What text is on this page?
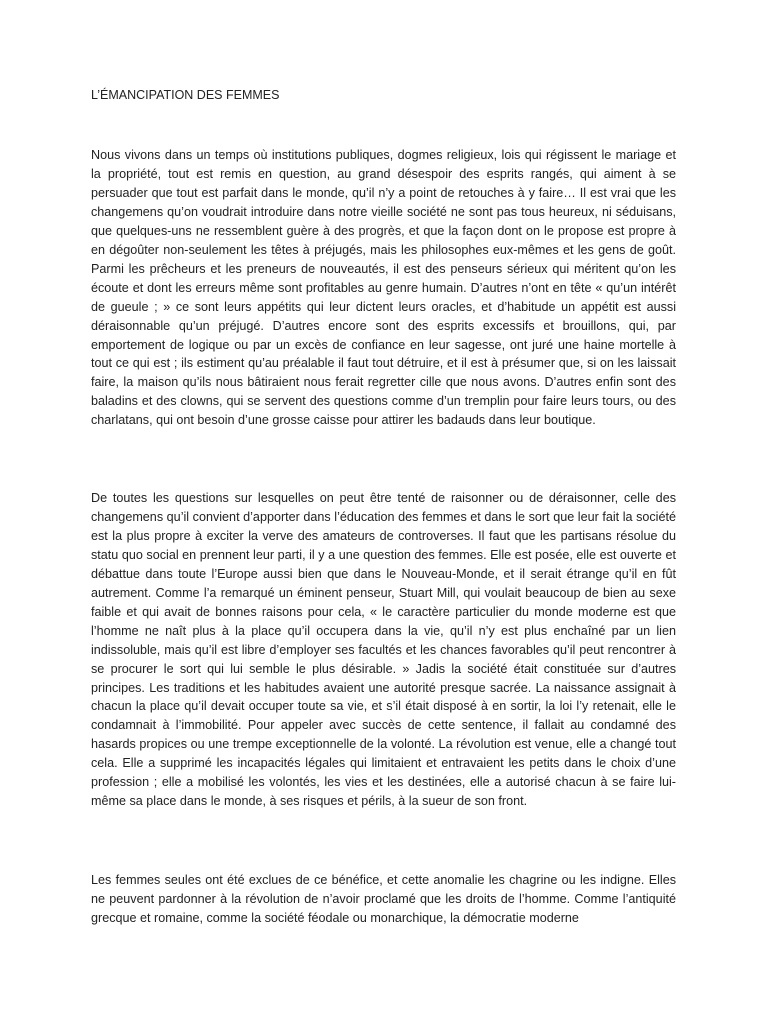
L’ÉMANCIPATION DES FEMMES

Nous vivons dans un temps où institutions publiques, dogmes religieux, lois qui régissent le mariage et la propriété, tout est remis en question, au grand désespoir des esprits rangés, qui aiment à se persuader que tout est parfait dans le monde, qu’il n’y a point de retouches à y faire… Il est vrai que les changemens qu’on voudrait introduire dans notre vieille société ne sont pas tous heureux, ni séduisans, que quelques-uns ne ressemblent guère à des progrès, et que la façon dont on le propose est propre à en dégoûter non-seulement les têtes à préjugés, mais les philosophes eux-mêmes et les gens de goût. Parmi les prêcheurs et les preneurs de nouveautés, il est des penseurs sérieux qui méritent qu’on les écoute et dont les erreurs même sont profitables au genre humain. D’autres n’ont en tête « qu’un intérêt de gueule ; » ce sont leurs appétits qui leur dictent leurs oracles, et d’habitude un appétit est aussi déraisonnable qu’un préjugé. D’autres encore sont des esprits excessifs et brouillons, qui, par emportement de logique ou par un excès de confiance en leur sagesse, ont juré une haine mortelle à tout ce qui est ; ils estiment qu’au préalable il faut tout détruire, et il est à présumer que, si on les laissait faire, la maison qu’ils nous bâtiraient nous ferait regretter cille que nous avons. D’autres enfin sont des baladins et des clowns, qui se servent des questions comme d’un tremplin pour faire leurs tours, ou des charlatans, qui ont besoin d’une grosse caisse pour attirer les badauds dans leur boutique.

De toutes les questions sur lesquelles on peut être tenté de raisonner ou de déraisonner, celle des changemens qu’il convient d’apporter dans l’éducation des femmes et dans le sort que leur fait la société est la plus propre à exciter la verve des amateurs de controverses. Il faut que les partisans résolue du statu quo social en prennent leur parti, il y a une question des femmes. Elle est posée, elle est ouverte et débattue dans toute l’Europe aussi bien que dans le Nouveau-Monde, et il serait étrange qu’il en fût autrement. Comme l’a remarqué un éminent penseur, Stuart Mill, qui voulait beaucoup de bien au sexe faible et qui avait de bonnes raisons pour cela, « le caractère particulier du monde moderne est que l’homme ne naît plus à la place qu’il occupera dans la vie, qu’il n’y est plus enchaîné par un lien indissoluble, mais qu’il est libre d’employer ses facultés et les chances favorables qu’il peut rencontrer à se procurer le sort qui lui semble le plus désirable. » Jadis la société était constituée sur d’autres principes. Les traditions et les habitudes avaient une autorité presque sacrée. La naissance assignait à chacun la place qu’il devait occuper toute sa vie, et s’il était disposé à en sortir, la loi l’y retenait, elle le condamnait à l’immobilité. Pour appeler avec succès de cette sentence, il fallait au condamné des hasards propices ou une trempe exceptionnelle de la volonté. La révolution est venue, elle a changé tout cela. Elle a supprimé les incapacités légales qui limitaient et entravaient les petits dans le choix d’une profession ; elle a mobilisé les volontés, les vies et les destinées, elle a autorisé chacun à se faire lui-même sa place dans le monde, à ses risques et périls, à la sueur de son front.

Les femmes seules ont été exclues de ce bénéfice, et cette anomalie les chagrine ou les indigne. Elles ne peuvent pardonner à la révolution de n’avoir proclamé que les droits de l’homme. Comme l’antiquité grecque et romaine, comme la société féodale ou monarchique, la démocratie moderne
